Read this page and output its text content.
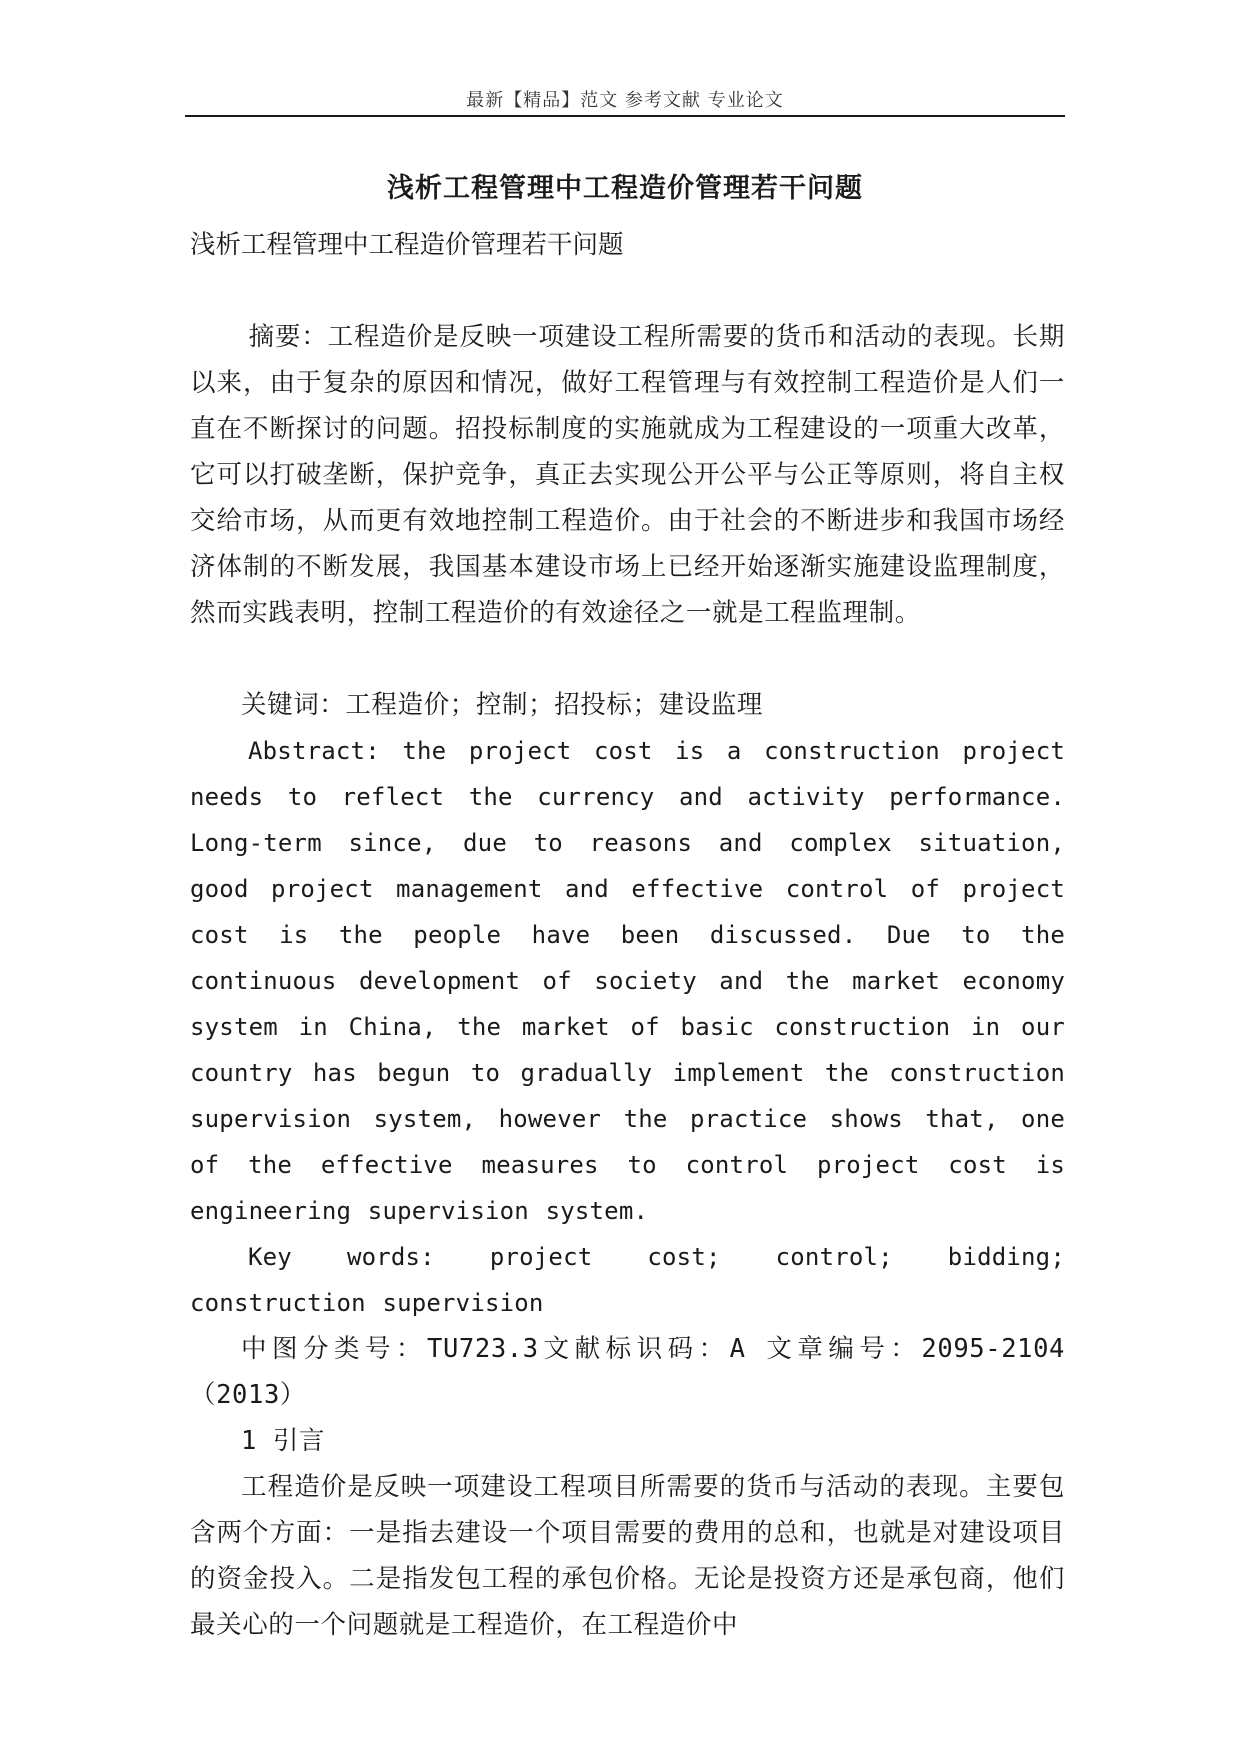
最新【精品】范文 参考文献 专业论文
浅析工程管理中工程造价管理若干问题

浅析工程管理中工程造价管理若干问题

摘要：工程造价是反映一项建设工程所需要的货币和活动的表现。长期以来，由于复杂的原因和情况，做好工程管理与有效控制工程造价是人们一直在不断探讨的问题。招投标制度的实施就成为工程建设的一项重大改革，它可以打破垄断，保护竞争，真正去实现公开公平与公正等原则，将自主权交给市场，从而更有效地控制工程造价。由于社会的不断进步和我国市场经济体制的不断发展，我国基本建设市场上已经开始逐渐实施建设监理制度，然而实践表明，控制工程造价的有效途径之一就是工程监理制。

关键词：工程造价；控制；招投标；建设监理

Abstract: the project cost is a construction project needs to reflect the currency and activity performance. Long-term since, due to reasons and complex situation, good project management and effective control of project cost is the people have been discussed. Due to the continuous development of society and the market economy system in China, the market of basic construction in our country has begun to gradually implement the construction supervision system, however the practice shows that, one of the effective measures to control project cost is engineering supervision system.

Key words: project cost; control; bidding; construction supervision

中图分类号：TU723.3文献标识码：A 文章编号：2095-2104（2013）

1 引言

工程造价是反映一项建设工程项目所需要的货币与活动的表现。主要包含两个方面：一是指去建设一个项目需要的费用的总和，也就是对建设项目的资金投入。二是指发包工程的承包价格。无论是投资方还是承包商，他们最关心的一个问题就是工程造价，在工程造价中
